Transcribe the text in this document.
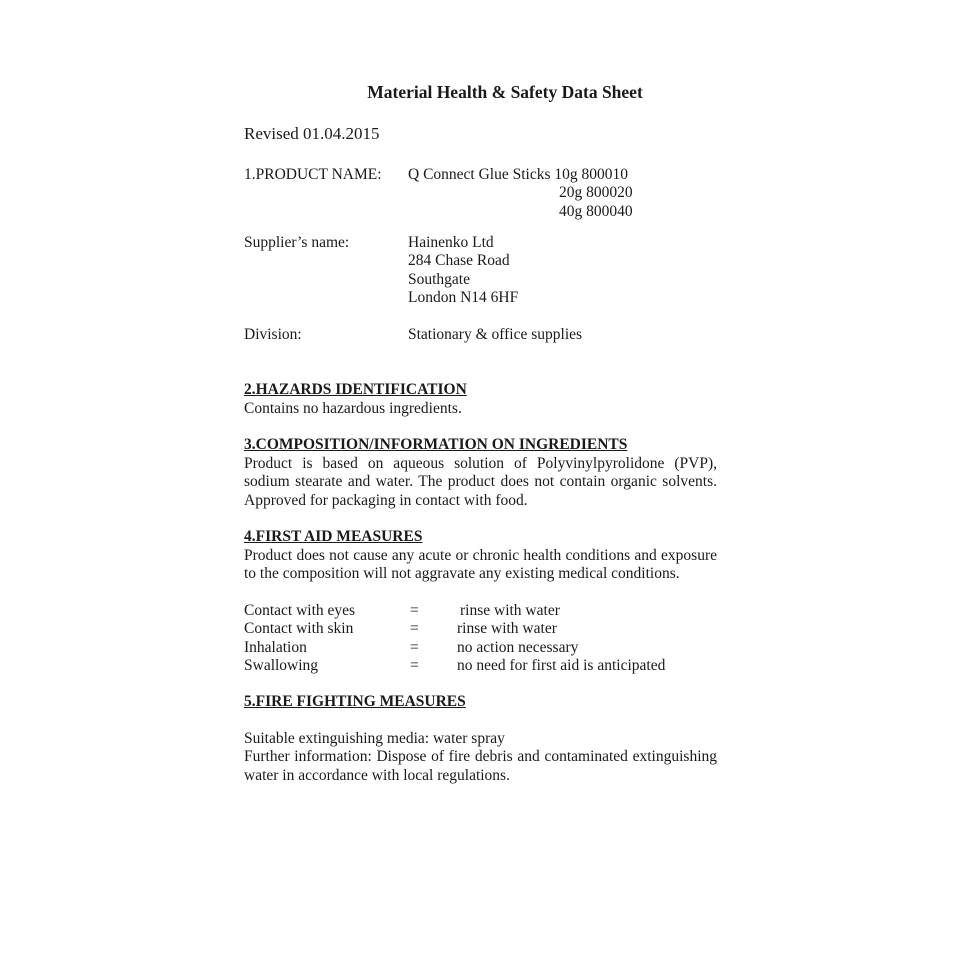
Material Health & Safety Data Sheet
Revised 01.04.2015
1.PRODUCT NAME: Q Connect Glue Sticks 10g 800010
20g 800020
40g 800040
Supplier’s name:	Hainenko Ltd
284 Chase Road
Southgate
London N14 6HF
Division:	Stationary & office supplies
2.HAZARDS IDENTIFICATION
Contains no hazardous ingredients.
3.COMPOSITION/INFORMATION ON INGREDIENTS
Product is based on aqueous solution of Polyvinylpyrolidone (PVP), sodium stearate and water. The product does not contain organic solvents. Approved for packaging in contact with food.
4.FIRST AID MEASURES
Product does not cause any acute or chronic health conditions and exposure to the composition will not aggravate any existing medical conditions.
Contact with eyes	=	rinse with water
Contact with skin	= rinse with water
Inhalation	= no action necessary
Swallowing	= no need for first aid is anticipated
5.FIRE FIGHTING MEASURES
Suitable extinguishing media: water spray
Further information: Dispose of fire debris and contaminated extinguishing water in accordance with local regulations.
